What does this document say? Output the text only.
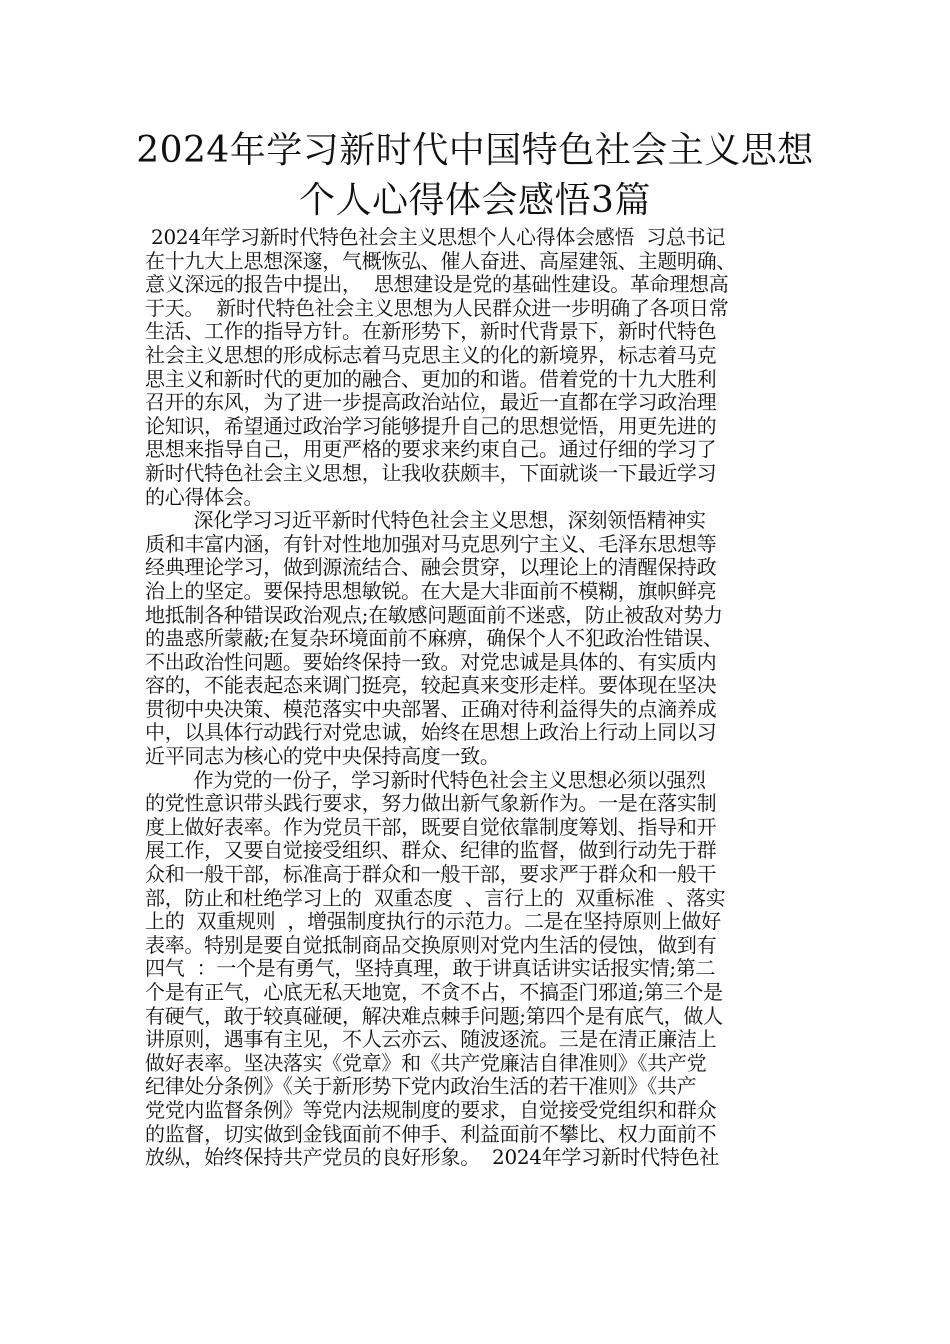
2024年学习新时代中国特色社会主义思想
个人心得体会感悟3篇
2024年学习新时代特色社会主义思想个人心得体会感悟  习总书记
在十九大上思想深邃，气概恢弘、催人奋进、高屋建瓴、主题明确、
意义深远的报告中提出，  思想建设是党的基础性建设。革命理想高
于天。  新时代特色社会主义思想为人民群众进一步明确了各项日常
生活、工作的指导方针。在新形势下，新时代背景下，新时代特色
社会主义思想的形成标志着马克思主义的化的新境界，标志着马克
思主义和新时代的更加的融合、更加的和谐。借着党的十九大胜利
召开的东风，为了进一步提高政治站位，最近一直都在学习政治理
论知识，希望通过政治学习能够提升自己的思想觉悟，用更先进的
思想来指导自己，用更严格的要求来约束自己。通过仔细的学习了
新时代特色社会主义思想，让我收获颇丰，下面就谈一下最近学习
的心得体会。
深化学习习近平新时代特色社会主义思想，深刻领悟精神实
质和丰富内涵，有针对性地加强对马克思列宁主义、毛泽东思想等
经典理论学习，做到源流结合、融会贯穿，以理论上的清醒保持政
治上的坚定。要保持思想敏锐。在大是大非面前不模糊，旗帜鲜亮
地抵制各种错误政治观点;在敏感问题面前不迷惑，防止被敌对势力
的蛊惑所蒙蔽;在复杂环境面前不麻痹，确保个人不犯政治性错误、
不出政治性问题。要始终保持一致。对党忠诚是具体的、有实质内
容的，不能表起态来调门挺亮，较起真来变形走样。要体现在坚决
贯彻中央决策、模范落实中央部署、正确对待利益得失的点滴养成
中，以具体行动践行对党忠诚，始终在思想上政治上行动上同以习
近平同志为核心的党中央保持高度一致。
作为党的一份子，学习新时代特色社会主义思想必须以强烈
的党性意识带头践行要求，努力做出新气象新作为。一是在落实制
度上做好表率。作为党员干部，既要自觉依靠制度筹划、指导和开
展工作，又要自觉接受组织、群众、纪律的监督，做到行动先于群
众和一般干部，标准高于群众和一般干部，要求严于群众和一般干
部，防止和杜绝学习上的  双重态度  、言行上的  双重标准  、落实
上的  双重规则  ，增强制度执行的示范力。二是在坚持原则上做好
表率。特别是要自觉抵制商品交换原则对党内生活的侵蚀，做到有
四气  ：一个是有勇气，坚持真理，敢于讲真话讲实话报实情;第二
个是有正气，心底无私天地宽，不贪不占，不搞歪门邪道;第三个是
有硬气，敢于较真碰硬，解决难点棘手问题;第四个是有底气，做人
讲原则，遇事有主见，不人云亦云、随波逐流。三是在清正廉洁上
做好表率。坚决落实《党章》和《共产党廉洁自律准则》《共产党
纪律处分条例》《关于新形势下党内政治生活的若干准则》《共产
党党内监督条例》等党内法规制度的要求，自觉接受党组织和群众
的监督，切实做到金钱面前不伸手、利益面前不攀比、权力面前不
放纵，始终保持共产党员的良好形象。  2024年学习新时代特色社
